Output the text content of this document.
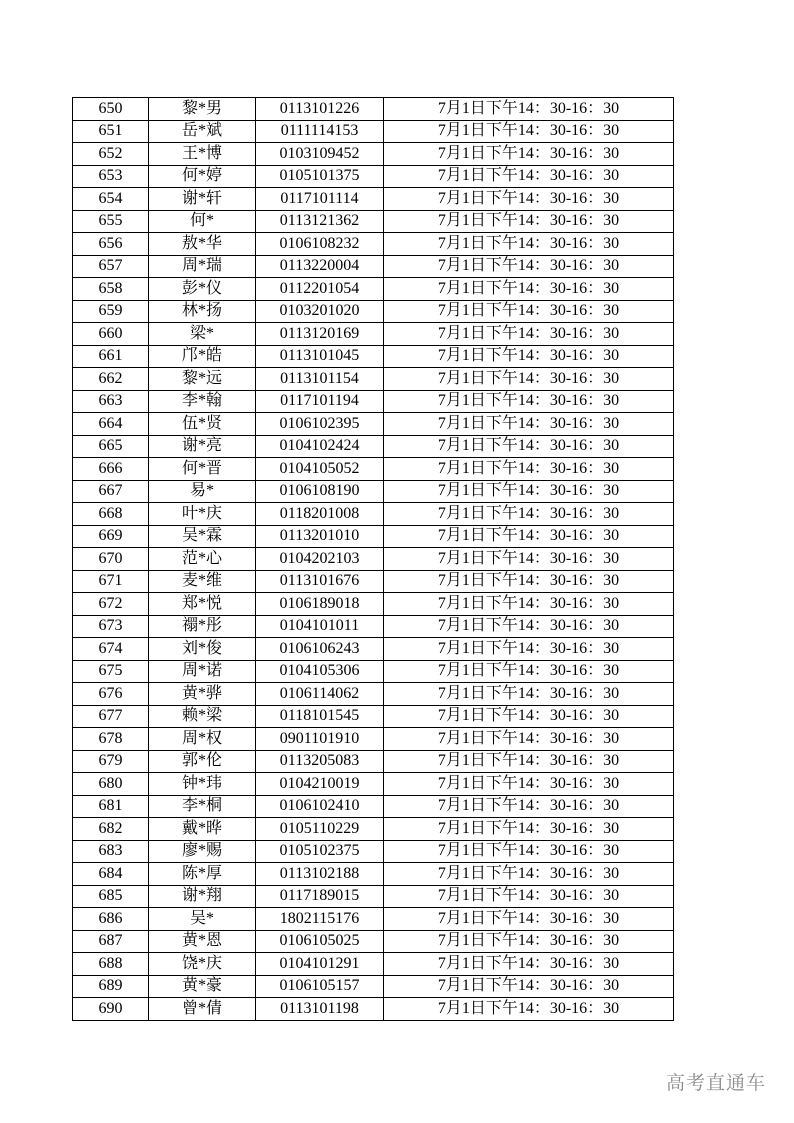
650	黎*男	0113101226	7月1日下午14：30-16：30
651	岳*斌	0111114153	7月1日下午14：30-16：30
652	王*博	0103109452	7月1日下午14：30-16：30
653	何*婷	0105101375	7月1日下午14：30-16：30
654	谢*轩	0117101114	7月1日下午14：30-16：30
655	何*	0113121362	7月1日下午14：30-16：30
656	敖*华	0106108232	7月1日下午14：30-16：30
657	周*瑞	0113220004	7月1日下午14：30-16：30
658	彭*仪	0112201054	7月1日下午14：30-16：30
659	林*扬	0103201020	7月1日下午14：30-16：30
660	梁*	0113120169	7月1日下午14：30-16：30
661	邝*皓	0113101045	7月1日下午14：30-16：30
662	黎*远	0113101154	7月1日下午14：30-16：30
663	李*翰	0117101194	7月1日下午14：30-16：30
664	伍*贤	0106102395	7月1日下午14：30-16：30
665	谢*亮	0104102424	7月1日下午14：30-16：30
666	何*晋	0104105052	7月1日下午14：30-16：30
667	易*	0106108190	7月1日下午14：30-16：30
668	叶*庆	0118201008	7月1日下午14：30-16：30
669	吴*霖	0113201010	7月1日下午14：30-16：30
670	范*心	0104202103	7月1日下午14：30-16：30
671	麦*维	0113101676	7月1日下午14：30-16：30
672	郑*悦	0106189018	7月1日下午14：30-16：30
673	禤*彤	0104101011	7月1日下午14：30-16：30
674	刘*俊	0106106243	7月1日下午14：30-16：30
675	周*诺	0104105306	7月1日下午14：30-16：30
676	黄*骅	0106114062	7月1日下午14：30-16：30
677	赖*梁	0118101545	7月1日下午14：30-16：30
678	周*权	0901101910	7月1日下午14：30-16：30
679	郭*伦	0113205083	7月1日下午14：30-16：30
680	钟*玮	0104210019	7月1日下午14：30-16：30
681	李*桐	0106102410	7月1日下午14：30-16：30
682	戴*晔	0105110229	7月1日下午14：30-16：30
683	廖*赐	0105102375	7月1日下午14：30-16：30
684	陈*厚	0113102188	7月1日下午14：30-16：30
685	谢*翔	0117189015	7月1日下午14：30-16：30
686	吴*	1802115176	7月1日下午14：30-16：30
687	黄*恩	0106105025	7月1日下午14：30-16：30
688	饶*庆	0104101291	7月1日下午14：30-16：30
689	黄*豪	0106105157	7月1日下午14：30-16：30
690	曾*倩	0113101198	7月1日下午14：30-16：30
高考直通车
